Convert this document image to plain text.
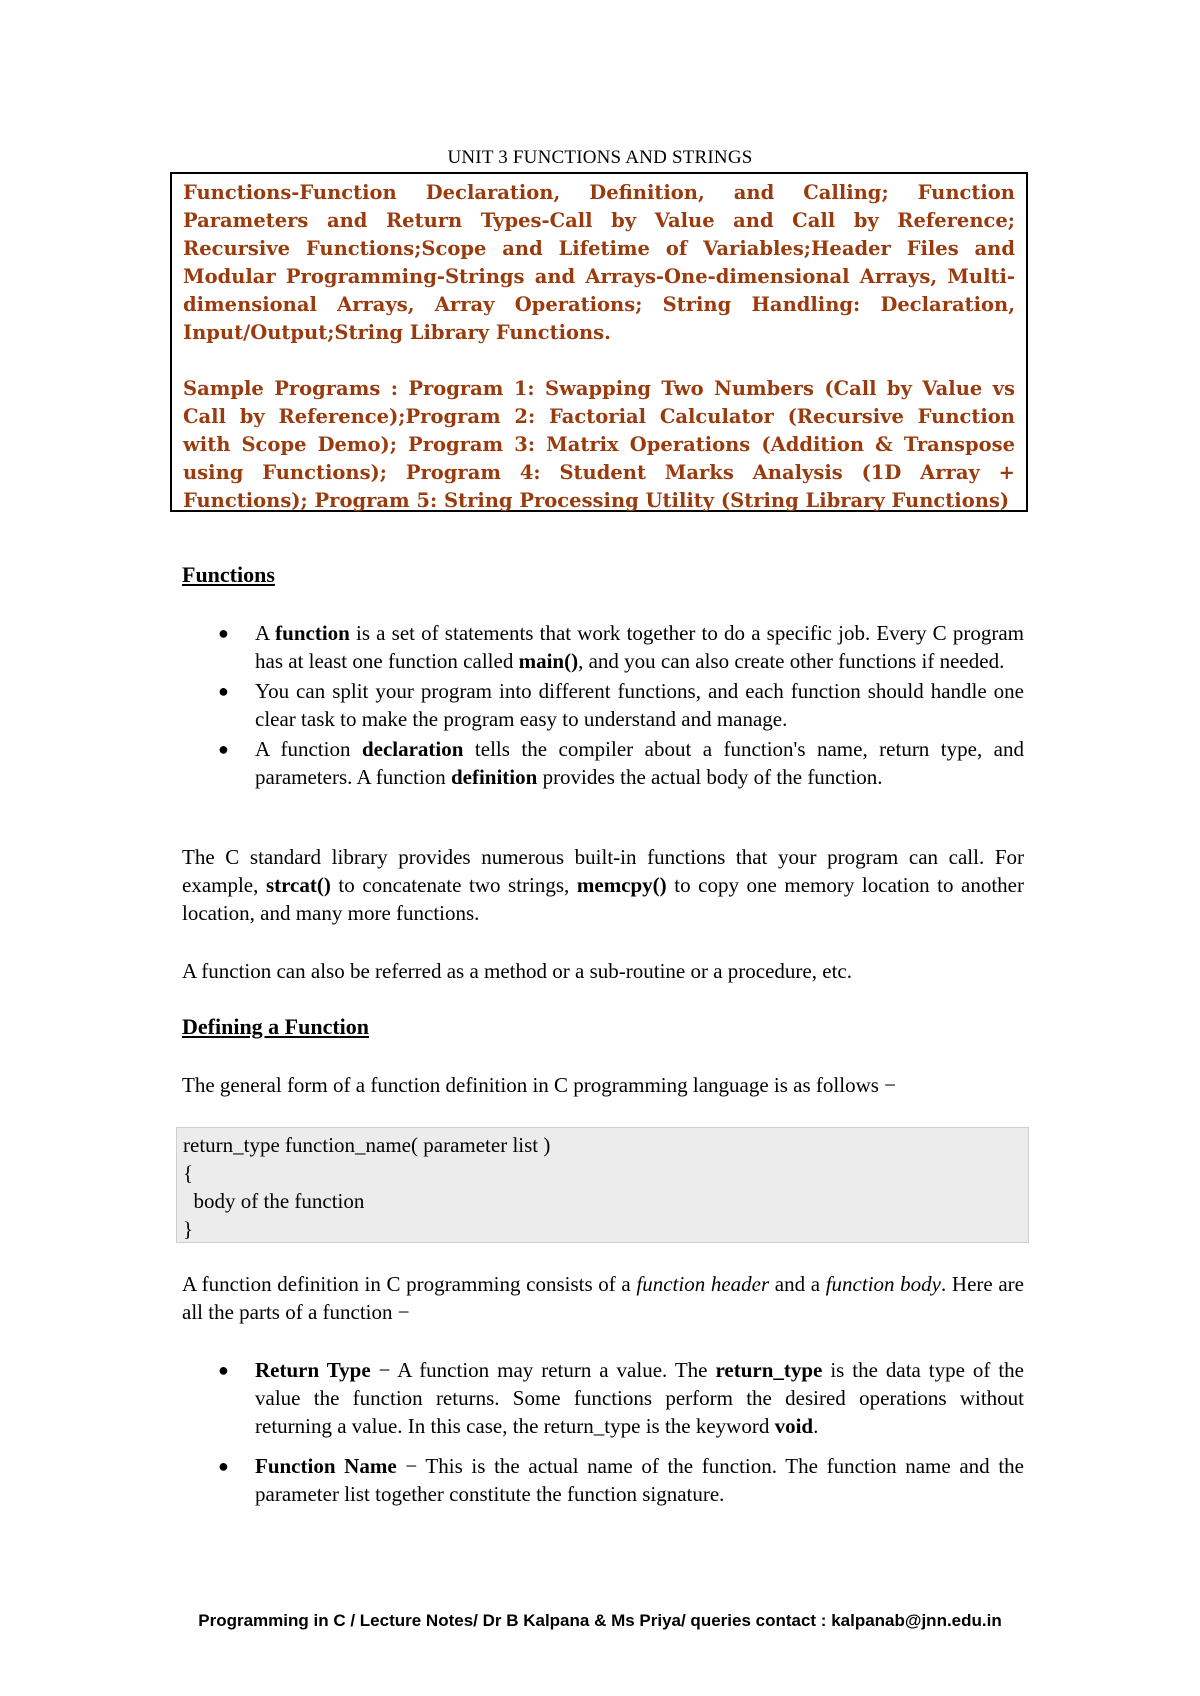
UNIT 3 FUNCTIONS AND STRINGS

Functions-Function Declaration, Definition, and Calling; Function Parameters and Return Types-Call by Value and Call by Reference; Recursive Functions;Scope and Lifetime of Variables;Header Files and Modular Programming-Strings and Arrays-One-dimensional Arrays, Multi-dimensional Arrays, Array Operations; String Handling: Declaration, Input/Output;String Library Functions.

Sample Programs : Program 1: Swapping Two Numbers (Call by Value vs Call by Reference);Program 2: Factorial Calculator (Recursive Function with Scope Demo); Program 3: Matrix Operations (Addition & Transpose using Functions); Program 4: Student Marks Analysis (1D Array + Functions); Program 5: String Processing Utility (String Library Functions)

Functions
● A function is a set of statements that work together to do a specific job. Every C program has at least one function called main(), and you can also create other functions if needed.
● You can split your program into different functions, and each function should handle one clear task to make the program easy to understand and manage.
● A function declaration tells the compiler about a function's name, return type, and parameters. A function definition provides the actual body of the function.
The C standard library provides numerous built-in functions that your program can call. For example, strcat() to concatenate two strings, memcpy() to copy one memory location to another location, and many more functions.
A function can also be referred as a method or a sub-routine or a procedure, etc.
Defining a Function
The general form of a function definition in C programming language is as follows −
return_type function_name( parameter list )
{
body of the function
}
A function definition in C programming consists of a function header and a function body. Here are all the parts of a function −
● Return Type − A function may return a value. The return_type is the data type of the value the function returns. Some functions perform the desired operations without returning a value. In this case, the return_type is the keyword void.
● Function Name − This is the actual name of the function. The function name and the parameter list together constitute the function signature.
Programming in C / Lecture Notes/ Dr B Kalpana & Ms Priya/ queries contact : kalpanab@jnn.edu.in
